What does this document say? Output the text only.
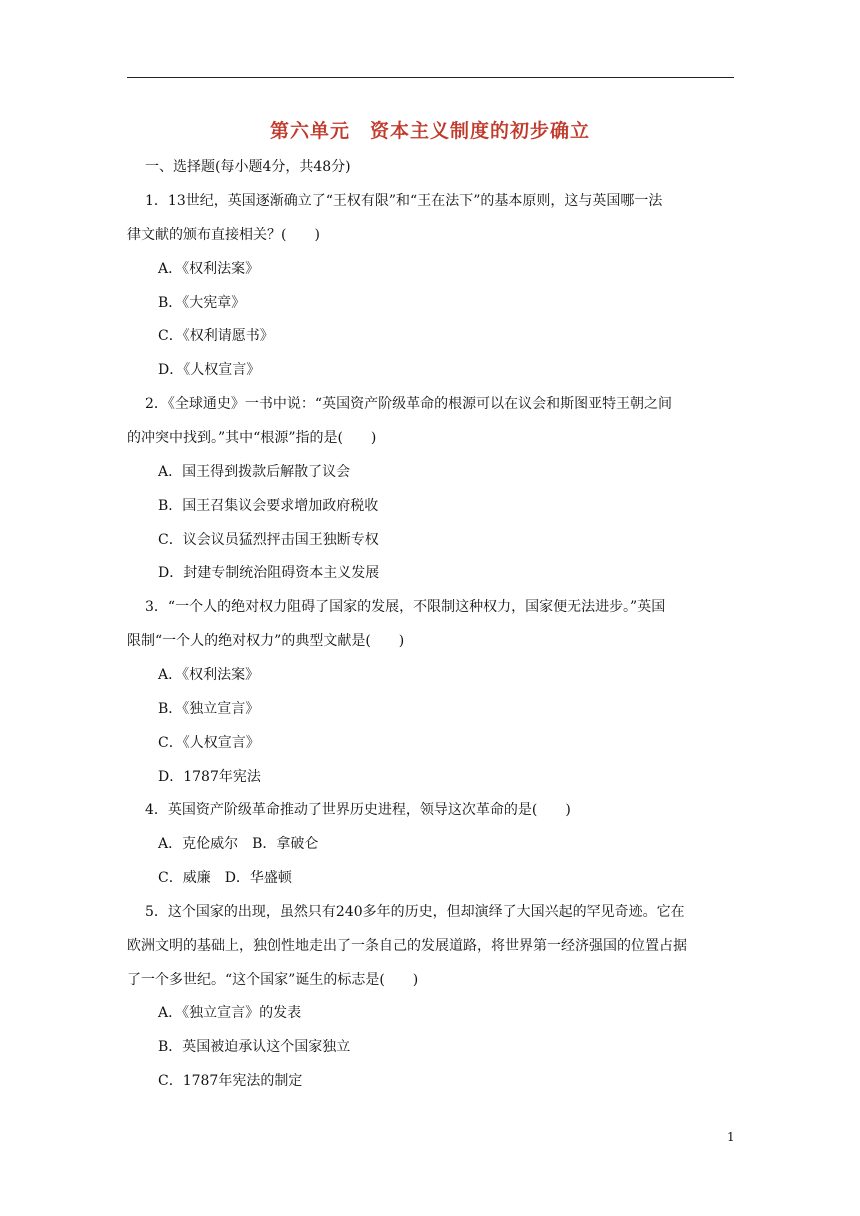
第六单元　资本主义制度的初步确立
一、选择题(每小题4分，共48分)
1．13世纪，英国逐渐确立了“王权有限”和“王在法下”的基本原则，这与英国哪一法
律文献的颁布直接相关？(　　)
A．《权利法案》
B．《大宪章》
C．《权利请愿书》
D．《人权宣言》
2．《全球通史》一书中说：“英国资产阶级革命的根源可以在议会和斯图亚特王朝之间
的冲突中找到。”其中“根源”指的是(　　)
A．国王得到拨款后解散了议会
B．国王召集议会要求增加政府税收
C．议会议员猛烈抨击国王独断专权
D．封建专制统治阻碍资本主义发展
3．“一个人的绝对权力阻碍了国家的发展，不限制这种权力，国家便无法进步。”英国
限制“一个人的绝对权力”的典型文献是(　　)
A．《权利法案》
B．《独立宣言》
C．《人权宣言》
D．1787年宪法
4．英国资产阶级革命推动了世界历史进程，领导这次革命的是(　　)
A．克伦威尔　B．拿破仑
C．威廉　D．华盛顿
5．这个国家的出现，虽然只有240多年的历史，但却演绎了大国兴起的罕见奇迹。它在
欧洲文明的基础上，独创性地走出了一条自己的发展道路，将世界第一经济强国的位置占据
了一个多世纪。“这个国家”诞生的标志是(　　)
A．《独立宣言》的发表
B．英国被迫承认这个国家独立
C．1787年宪法的制定
1
